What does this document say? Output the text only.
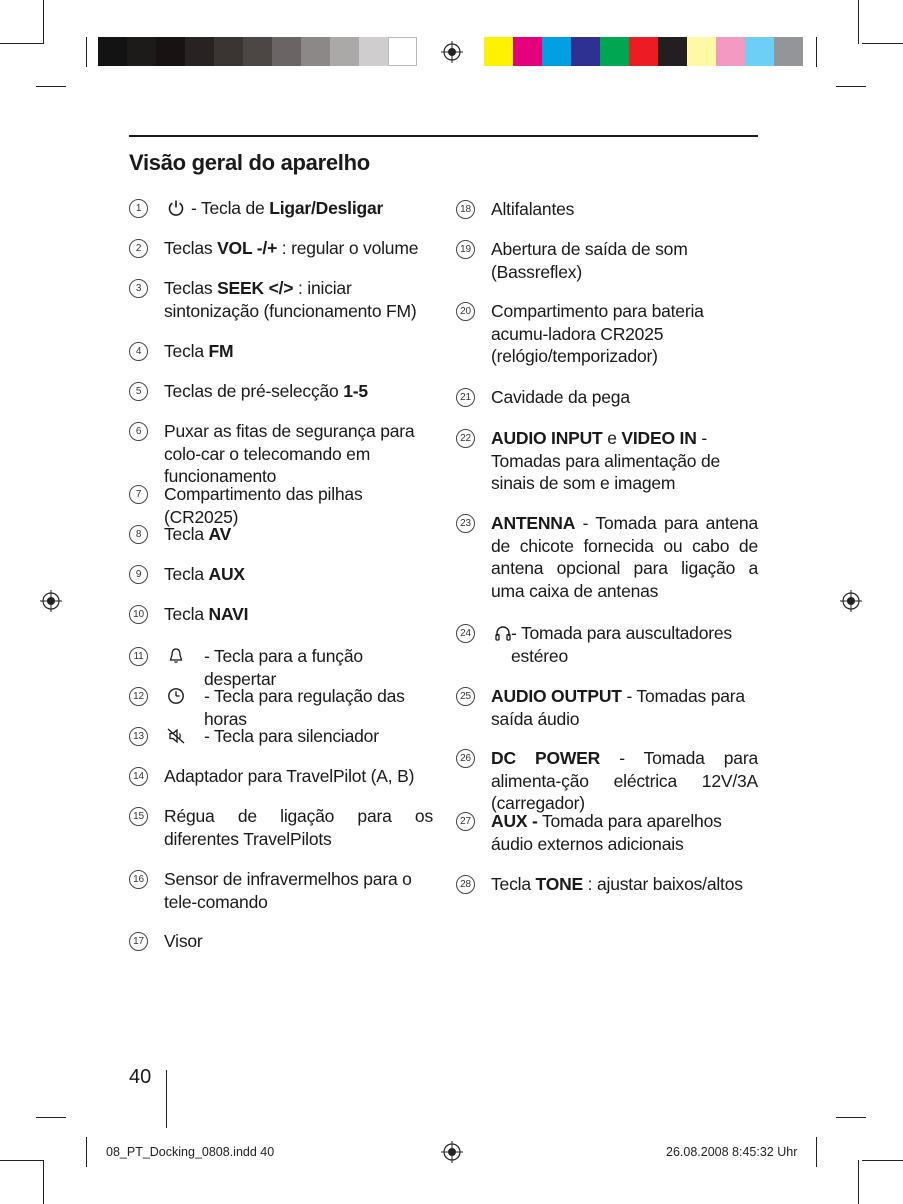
Visão geral do aparelho
1	- Tecla de Ligar/Desligar
2	Teclas VOL -/+ : regular o volume
3	Teclas SEEK </> : iniciar sintonização (funcionamento FM)
4	Tecla FM
5	Teclas de pré-selecção 1-5
6	Puxar as fitas de segurança para colo-car o telecomando em funcionamento
7	Compartimento das pilhas (CR2025)
8	Tecla AV
9	Tecla AUX
10 Tecla NAVI
11	- Tecla para a função despertar
12	- Tecla para regulação das horas
13	- Tecla para silenciador
14 Adaptador para TravelPilot (A, B)
15 Régua de ligação para os diferentes TravelPilots
16 Sensor de infravermelhos para o tele-comando
17 Visor
18 Altifalantes
19 Abertura de saída de som (Bassreflex)
20 Compartimento para bateria acumu-ladora CR2025 (relógio/temporizador)
21 Cavidade da pega
22 AUDIO INPUT e VIDEO IN - Tomadas para alimentação de sinais de som e imagem
23 ANTENNA - Tomada para antena de chicote fornecida ou cabo de antena opcional para ligação a uma caixa de antenas
24 - Tomada para auscultadores estéreo
25 AUDIO OUTPUT - Tomadas para saída áudio
26 DC POWER - Tomada para alimenta-ção eléctrica 12V/3A (carregador)
27 AUX - Tomada para aparelhos áudio externos adicionais
28 Tecla TONE : ajustar baixos/altos
40
08_PT_Docking_0808.indd 40	26.08.2008 8:45:32 Uhr
